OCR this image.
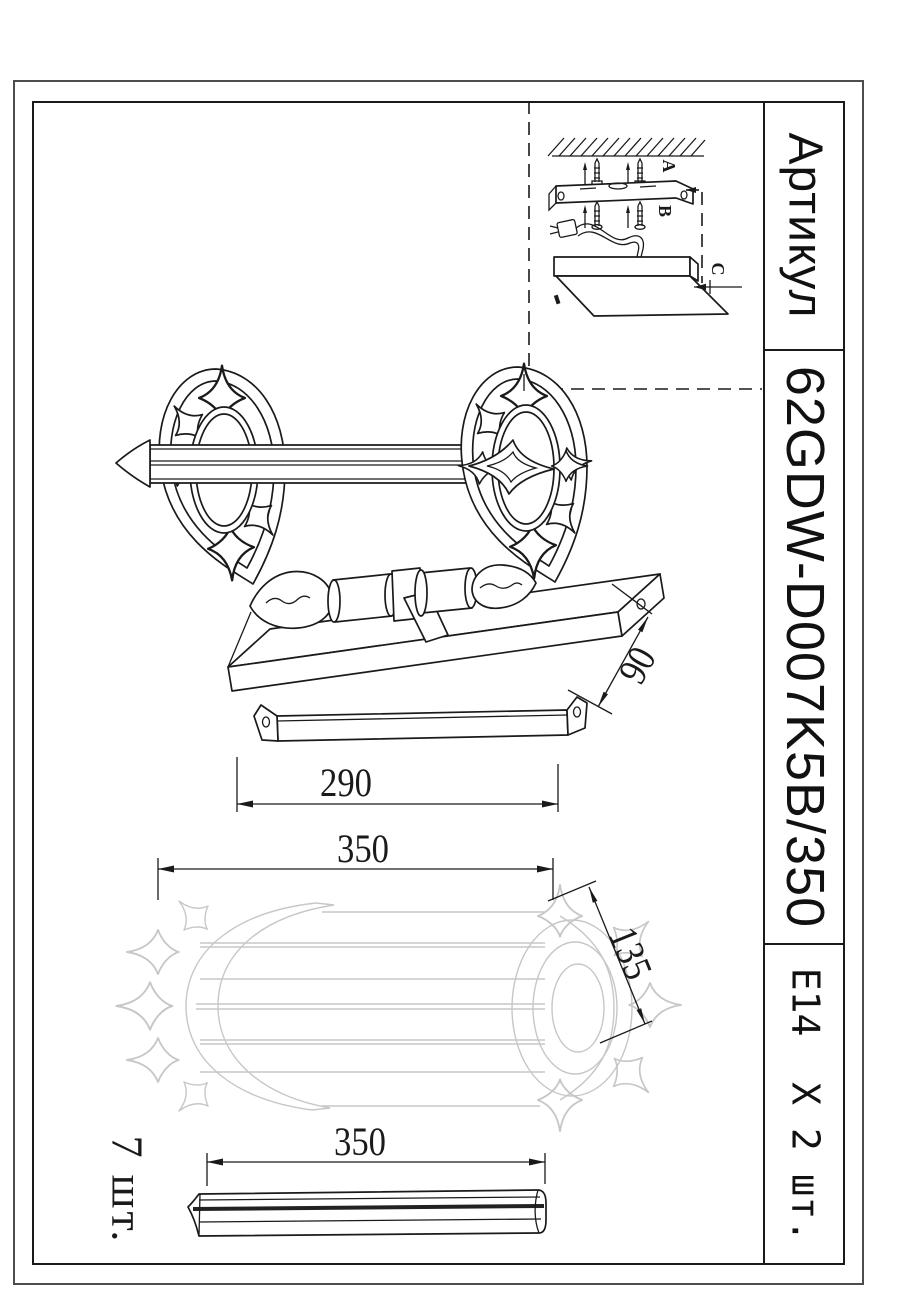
Артикул
62GDW-D007K5B/350
E14  X 2 шт.
A
B
C
90
290
350
135
350
7 шт.
